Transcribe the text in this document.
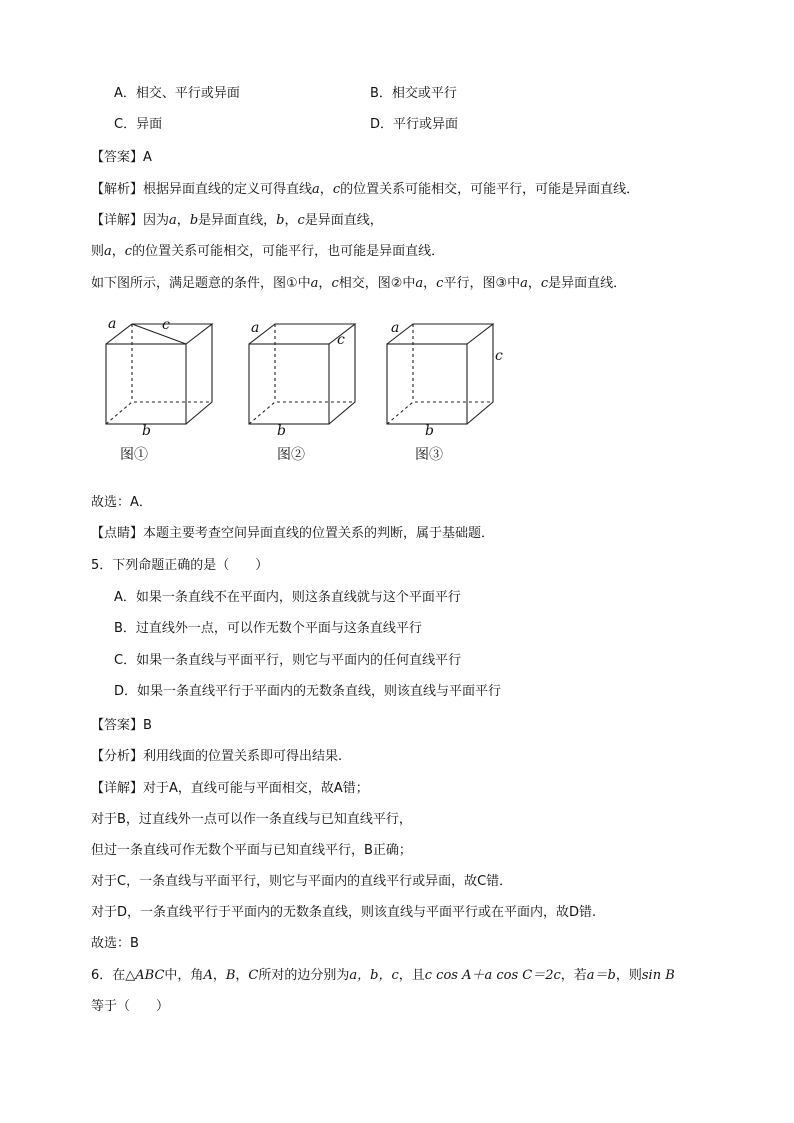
A．相交、平行或异面	B．相交或平行
C．异面	D．平行或异面
【答案】A
【解析】根据异面直线的定义可得直线a，c的位置关系可能相交，可能平行，可能是异面直线．
【详解】因为a，b是异面直线，b，c是异面直线，
则a，c的位置关系可能相交，可能平行，也可能是异面直线．
如下图所示，满足题意的条件，图①中a，c相交，图②中a，c平行，图③中a，c是异面直线．
a	c
b
图①
a
c
b
图②
a
c
b
图③
故选：A．
【点睛】本题主要考查空间异面直线的位置关系的判断，属于基础题．
5．下列命题正确的是（　　）
A．如果一条直线不在平面内，则这条直线就与这个平面平行
B．过直线外一点，可以作无数个平面与这条直线平行
C．如果一条直线与平面平行，则它与平面内的任何直线平行
D．如果一条直线平行于平面内的无数条直线，则该直线与平面平行
【答案】B
【分析】利用线面的位置关系即可得出结果.
【详解】对于A，直线可能与平面相交，故A错；
对于B，过直线外一点可以作一条直线与已知直线平行，
但过一条直线可作无数个平面与已知直线平行，B正确；
对于C，一条直线与平面平行，则它与平面内的直线平行或异面，故C错．
对于D，一条直线平行于平面内的无数条直线，则该直线与平面平行或在平面内，故D错.
故选：B
6．在△ABC中，角A，B，C所对的边分别为a，b，c，且c cos A＋a cos C＝2c，若a＝b，则sin B
等于（　　）
